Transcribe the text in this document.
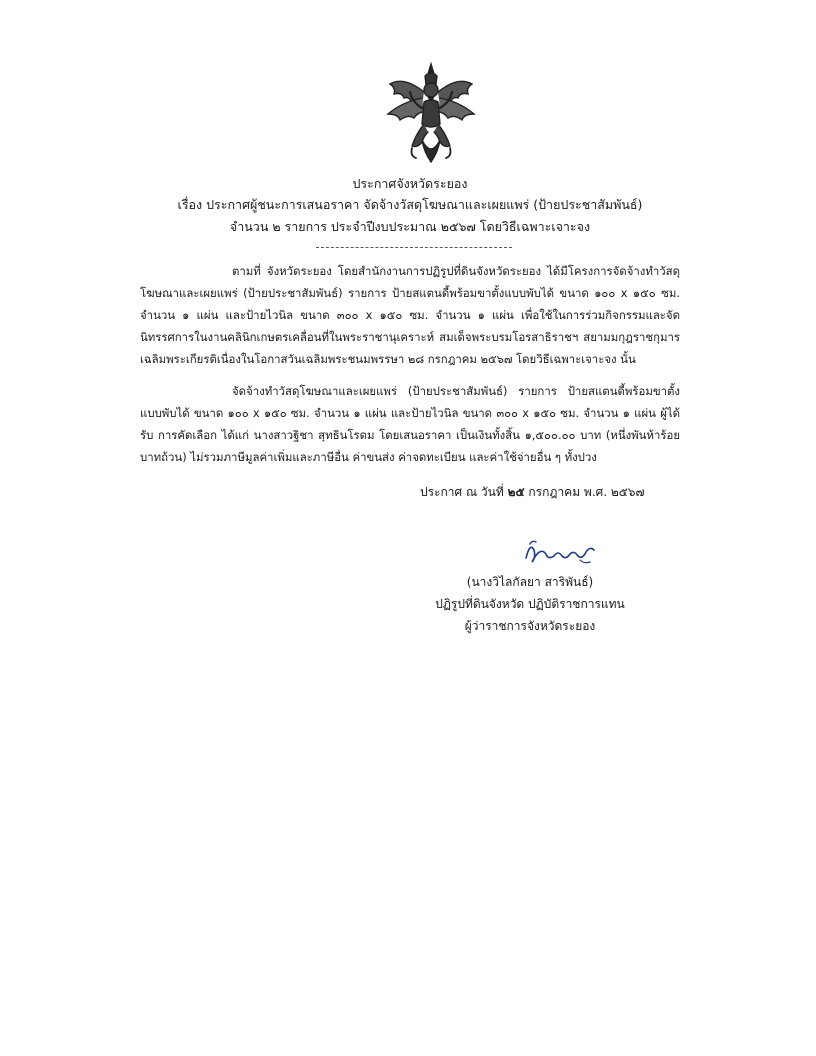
ประกาศจังหวัดระยอง
เรื่อง ประกาศผู้ชนะการเสนอราคา จัดจ้างวัสดุโฆษณาและเผยแพร่ (ป้ายประชาสัมพันธ์)
จำนวน ๒ รายการ ประจำปีงบประมาณ ๒๕๖๗ โดยวิธีเฉพาะเจาะจง
ตามที่ จังหวัดระยอง โดยสำนักงานการปฏิรูปที่ดินจังหวัดระยอง ได้มีโครงการจัดจ้างทำวัสดุโฆษณาและเผยแพร่ (ป้ายประชาสัมพันธ์) รายการ ป้ายสแตนดี้พร้อมขาตั้งแบบพับได้ ขนาด ๑๐๐ x ๑๕๐ ซม. จำนวน ๑ แผ่น และป้ายไวนิล ขนาด ๓๐๐ x ๑๕๐ ซม. จำนวน ๑ แผ่น เพื่อใช้ในการร่วมกิจกรรมและจัดนิทรรศการในงานคลินิกเกษตรเคลื่อนที่ในพระราชานุเคราะห์ สมเด็จพระบรมโอรสาธิราชฯ สยามมกุฎราชกุมารเฉลิมพระเกียรติเนื่องในโอกาสวันเฉลิมพระชนมพรรษา ๒๘ กรกฎาคม ๒๕๖๗ โดยวิธีเฉพาะเจาะจง นั้น
จัดจ้างทำวัสดุโฆษณาและเผยแพร่ (ป้ายประชาสัมพันธ์) รายการ ป้ายสแตนดี้พร้อมขาตั้งแบบพับได้ ขนาด ๑๐๐ x ๑๕๐ ซม. จำนวน ๑ แผ่น และป้ายไวนิล ขนาด ๓๐๐ x ๑๕๐ ซม. จำนวน ๑ แผ่น ผู้ได้รับ การคัดเลือก ได้แก่ นางสาวฐิชา สุทธินโรดม โดยเสนอราคา เป็นเงินทั้งสิ้น ๑,๕๐๐.๐๐ บาท (หนึ่งพันห้าร้อยบาทถ้วน) ไม่รวมภาษีมูลค่าเพิ่มและภาษีอื่น ค่าขนส่ง ค่าจดทะเบียน และค่าใช้จ่ายอื่น ๆ ทั้งปวง
ประกาศ ณ วันที่ ๒๕ กรกฎาคม พ.ศ. ๒๕๖๗
(นางวิไลกัลยา สาริพันธ์)
ปฏิรูปที่ดินจังหวัด ปฏิบัติราชการแทน
ผู้ว่าราชการจังหวัดระยอง
